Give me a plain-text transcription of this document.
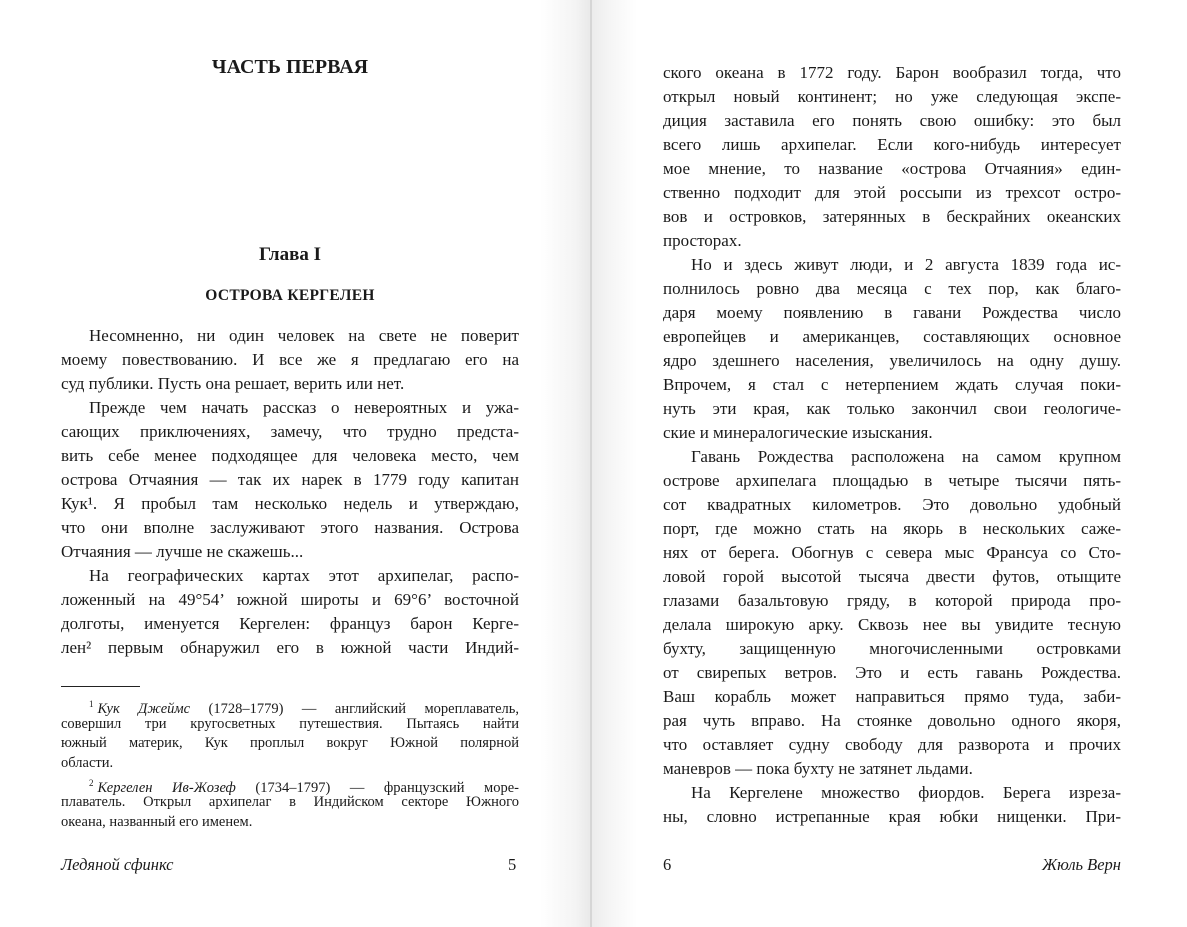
ЧАСТЬ ПЕРВАЯ
Глава I
ОСТРОВА КЕРГЕЛЕН
Несомненно, ни один человек на свете не поверит
моему повествованию. И все же я предлагаю его на
суд публики. Пусть она решает, верить или нет.
Прежде чем начать рассказ о невероятных и ужа-
сающих приключениях, замечу, что трудно предста-
вить себе менее подходящее для человека место, чем
острова Отчаяния — так их нарек в 1779 году капитан
Кук¹. Я пробыл там несколько недель и утверждаю,
что они вполне заслуживают этого названия. Острова
Отчаяния — лучше не скажешь...
На географических картах этот архипелаг, распо-
ложенный на 49°54’ южной широты и 69°6’ восточной
долготы, именуется Кергелен: француз барон Керге-
лен² первым обнаружил его в южной части Индий-
$^1$ Кук Джеймс (1728–1779) — английский мореплаватель,
совершил три кругосветных путешествия. Пытаясь найти
южный материк, Кук проплыл вокруг Южной полярной
области.
$^2$ Кергелен Ив-Жозеф (1734–1797) — французский море-
плаватель. Открыл архипелаг в Индийском секторе Южного
океана, названный его именем.
Ледяной сфинкс	5
ского океана в 1772 году. Барон вообразил тогда, что
открыл новый континент; но уже следующая экспе-
диция заставила его понять свою ошибку: это был
всего лишь архипелаг. Если кого-нибудь интересует
мое мнение, то название «острова Отчаяния» един-
ственно подходит для этой россыпи из трехсот остро-
вов и островков, затерянных в бескрайних океанских
просторах.
Но и здесь живут люди, и 2 августа 1839 года ис-
полнилось ровно два месяца с тех пор, как благо-
даря моему появлению в гавани Рождества число
европейцев и американцев, составляющих основное
ядро здешнего населения, увеличилось на одну душу.
Впрочем, я стал с нетерпением ждать случая поки-
нуть эти края, как только закончил свои геологиче-
ские и минералогические изыскания.
Гавань Рождества расположена на самом крупном
острове архипелага площадью в четыре тысячи пять-
сот квадратных километров. Это довольно удобный
порт, где можно стать на якорь в нескольких саже-
нях от берега. Обогнув с севера мыс Франсуа со Сто-
ловой горой высотой тысяча двести футов, отыщите
глазами базальтовую гряду, в которой природа про-
делала широкую арку. Сквозь нее вы увидите тесную
бухту, защищенную многочисленными островками
от свирепых ветров. Это и есть гавань Рождества.
Ваш корабль может направиться прямо туда, заби-
рая чуть вправо. На стоянке довольно одного якоря,
что оставляет судну свободу для разворота и прочих
маневров — пока бухту не затянет льдами.
На Кергелене множество фиордов. Берега изреза-
ны, словно истрепанные края юбки нищенки. При-
6	Жюль Верн
